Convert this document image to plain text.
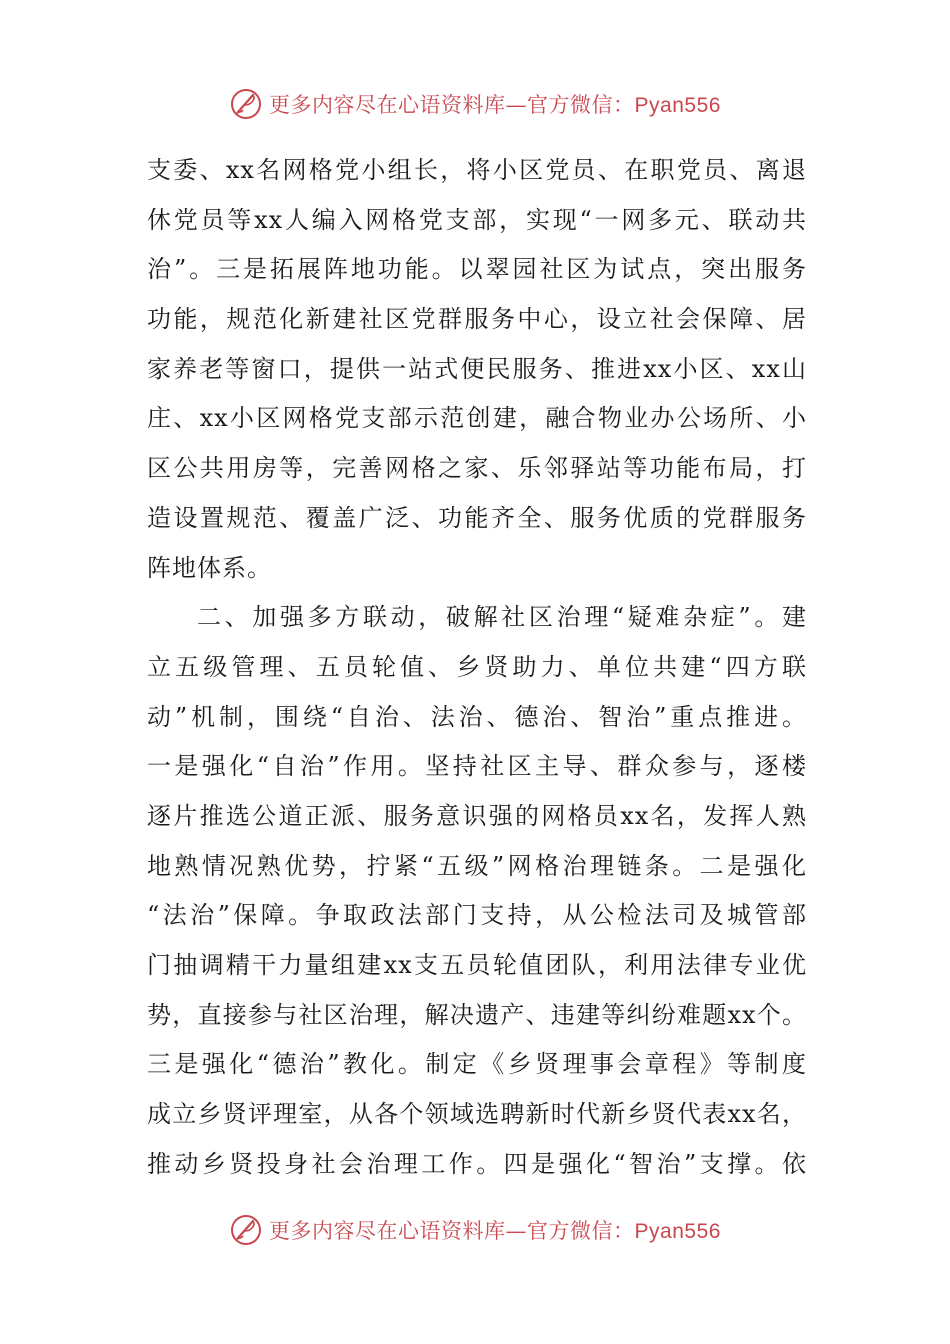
更多内容尽在心语资料库—官方微信：Pyan556
支委、xx名网格党小组长，将小区党员、在职党员、离退
休党员等xx人编入网格党支部，实现“一网多元、联动共
治”。三是拓展阵地功能。以翠园社区为试点，突出服务
功能，规范化新建社区党群服务中心，设立社会保障、居
家养老等窗口，提供一站式便民服务、推进xx小区、xx山
庄、xx小区网格党支部示范创建，融合物业办公场所、小
区公共用房等，完善网格之家、乐邻驿站等功能布局，打
造设置规范、覆盖广泛、功能齐全、服务优质的党群服务
阵地体系。
二、加强多方联动，破解社区治理“疑难杂症”。建
立五级管理、五员轮值、乡贤助力、单位共建“四方联
动”机制，围绕“自治、法治、德治、智治”重点推进。
一是强化“自治”作用。坚持社区主导、群众参与，逐楼
逐片推选公道正派、服务意识强的网格员xx名，发挥人熟
地熟情况熟优势，拧紧“五级”网格治理链条。二是强化
“法治”保障。争取政法部门支持，从公检法司及城管部
门抽调精干力量组建xx支五员轮值团队，利用法律专业优
势，直接参与社区治理，解决遗产、违建等纠纷难题xx个。
三是强化“德治”教化。制定《乡贤理事会章程》等制度
成立乡贤评理室，从各个领域选聘新时代新乡贤代表xx名，
推动乡贤投身社会治理工作。四是强化“智治”支撑。依
更多内容尽在心语资料库—官方微信：Pyan556
